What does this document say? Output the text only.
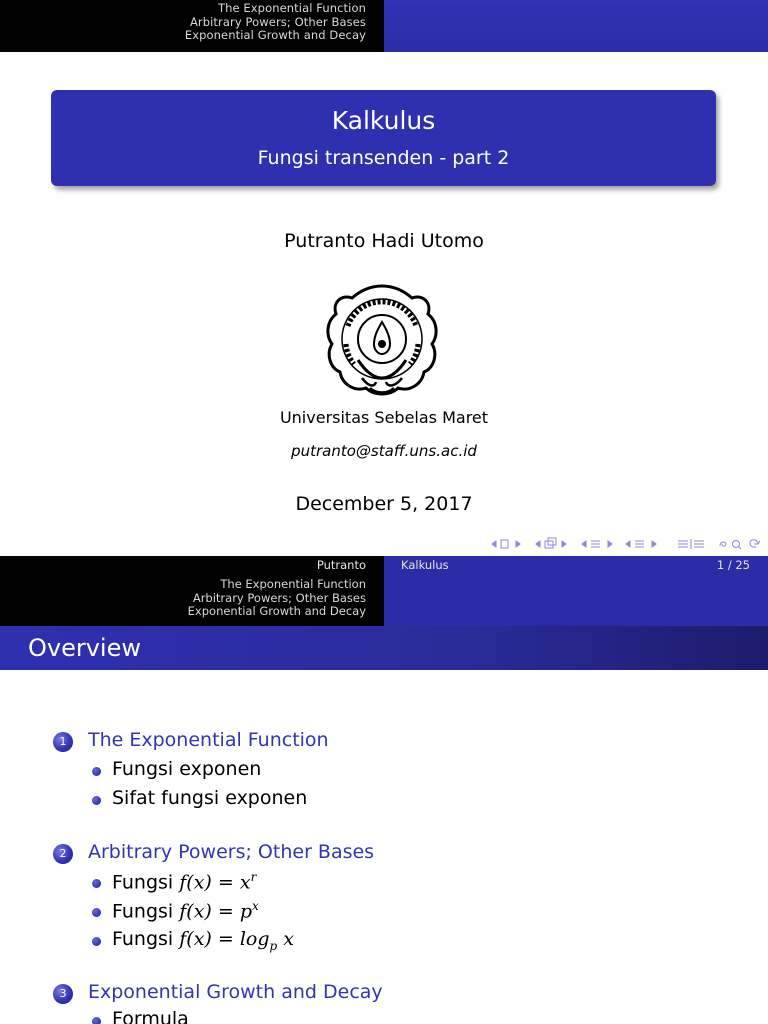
The Exponential Function
Arbitrary Powers; Other Bases
Exponential Growth and Decay
Kalkulus
Fungsi transenden - part 2
Putranto Hadi Utomo
Universitas Sebelas Maret
putranto@staff.uns.ac.id
December 5, 2017
Putranto
The Exponential Function
Arbitrary Powers; Other Bases
Exponential Growth and Decay
Kalkulus	1 / 25
Overview
1	The Exponential Function
Fungsi exponen
Sifat fungsi exponen
2	Arbitrary Powers; Other Bases
Fungsi $f(x) = x^r$
Fungsi $f(x) = p^x$
Fungsi $f(x) = \log_p x$
3	Exponential Growth and Decay
Formula
